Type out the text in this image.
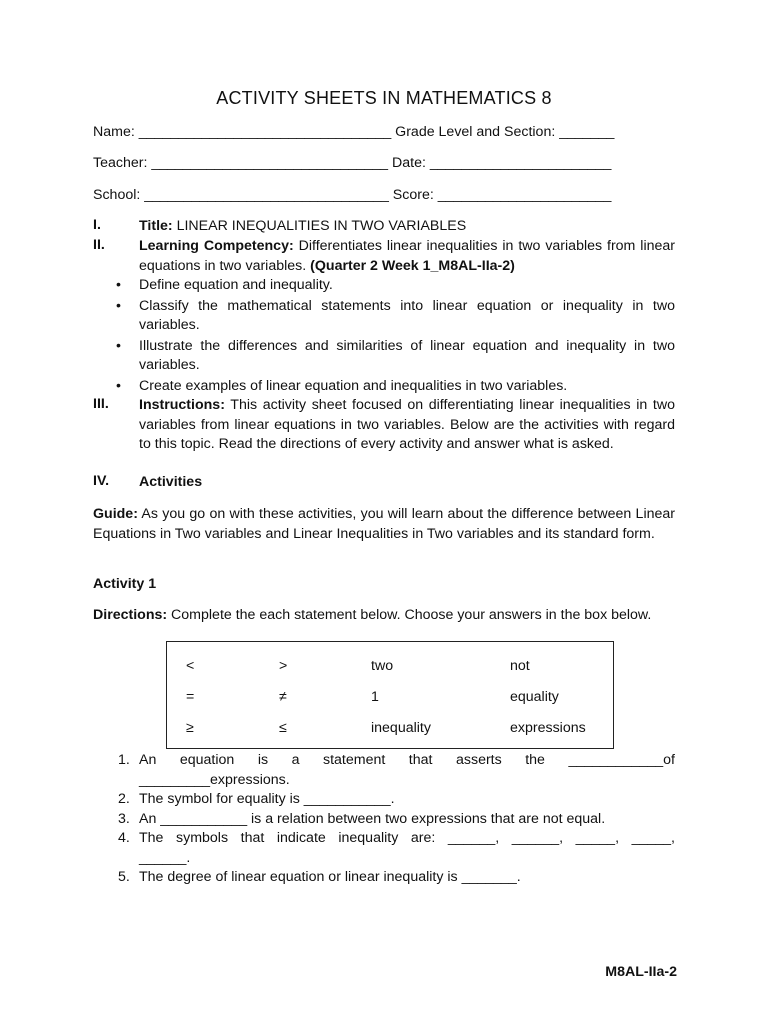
ACTIVITY SHEETS IN MATHEMATICS 8
Name: ________________________________ Grade Level and Section: _______
Teacher: ______________________________ Date: _______________________
School: _______________________________ Score: ______________________
I.	Title: LINEAR INEQUALITIES IN TWO VARIABLES
II. Learning Competency: Differentiates linear inequalities in two variables from linear equations in two variables. (Quarter 2 Week 1_M8AL-IIa-2)
• Define equation and inequality.
• Classify the mathematical statements into linear equation or inequality in two variables.
• Illustrate the differences and similarities of linear equation and inequality in two variables.
• Create examples of linear equation and inequalities in two variables.
III. Instructions: This activity sheet focused on differentiating linear inequalities in two variables from linear equations in two variables. Below are the activities with regard to this topic. Read the directions of every activity and answer what is asked.
IV. Activities
Guide: As you go on with these activities, you will learn about the difference between Linear Equations in Two variables and Linear Inequalities in Two variables and its standard form.
Activity 1
Directions: Complete the each statement below. Choose your answers in the box below.
<	>	two	not
=	≠	1	equality
≥	≤	inequality	expressions
1. An equation is a statement that asserts the ____________of
_________expressions.
2. The symbol for equality is ___________.
3. An ___________ is a relation between two expressions that are not equal.
4. The symbols that indicate inequality are: ______, ______, _____, _____,
______.
5. The degree of linear equation or linear inequality is _______.
M8AL-IIa-2
